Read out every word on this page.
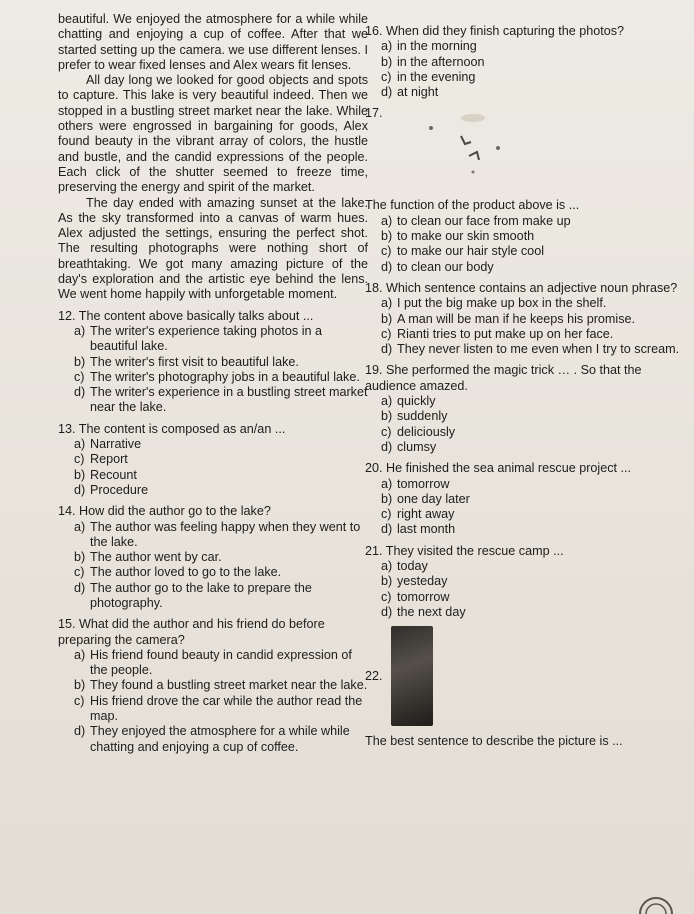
beautiful. We enjoyed the atmosphere for a while while chatting and enjoying a cup of coffee. After that we started setting up the camera. we use different lenses. I prefer to wear fixed lenses and Alex wears fit lenses.

All day long we looked for good objects and spots to capture. This lake is very beautiful indeed. Then we stopped in a bustling street market near the lake. While others were engrossed in bargaining for goods, Alex found beauty in the vibrant array of colors, the hustle and bustle, and the candid expressions of the people. Each click of the shutter seemed to freeze time, preserving the energy and spirit of the market.

The day ended with amazing sunset at the lake. As the sky transformed into a canvas of warm hues. Alex adjusted the settings, ensuring the perfect shot. The resulting photographs were nothing short of breathtaking. We got many amazing picture of the day's exploration and the artistic eye behind the lens. We went home happily with unforgetable moment.

12. The content above basically talks about ...
a) The writer's experience taking photos in a beautiful lake.
b) The writer's first visit to beautiful lake.
c) The writer's photography jobs in a beautiful lake.
d) The writer's experience in a bustling street market near the lake.
13. The content is composed as an/an ...
a) Narrative
c) Report
b) Recount
d) Procedure
14. How did the author go to the lake?
a) The author was feeling happy when they went to the lake.
b) The author went by car.
c) The author loved to go to the lake.
d) The author go to the lake to prepare the photography.
15. What did the author and his friend do before preparing the camera?
a) His friend found beauty in candid expression of the people.
b) They found a bustling street market near the lake.
c) His friend drove the car while the author read the map.
d) They enjoyed the atmosphere for a while while chatting and enjoying a cup of coffee.
16. When did they finish capturing the photos?
a) in the morning
b) in the afternoon
c) in the evening
d) at night
17.
The function of the product above is ...
a) to clean our face from make up
b) to make our skin smooth
c) to make our hair style cool
d) to clean our body
18. Which sentence contains an adjective noun phrase?
a) I put the big make up box in the shelf.
b) A man will be man if he keeps his promise.
c) Rianti tries to put make up on her face.
d) They never listen to me even when I try to scream.
19. She performed the magic trick … . So that the audience amazed.
a) quickly
b) suddenly
c) deliciously
d) clumsy
20. He finished the sea animal rescue project ...
a) tomorrow
b) one day later
c) right away
d) last month
21. They visited the rescue camp ...
a) today
b) yesteday
c) tomorrow
d) the next day
22.
The best sentence to describe the picture is ...
